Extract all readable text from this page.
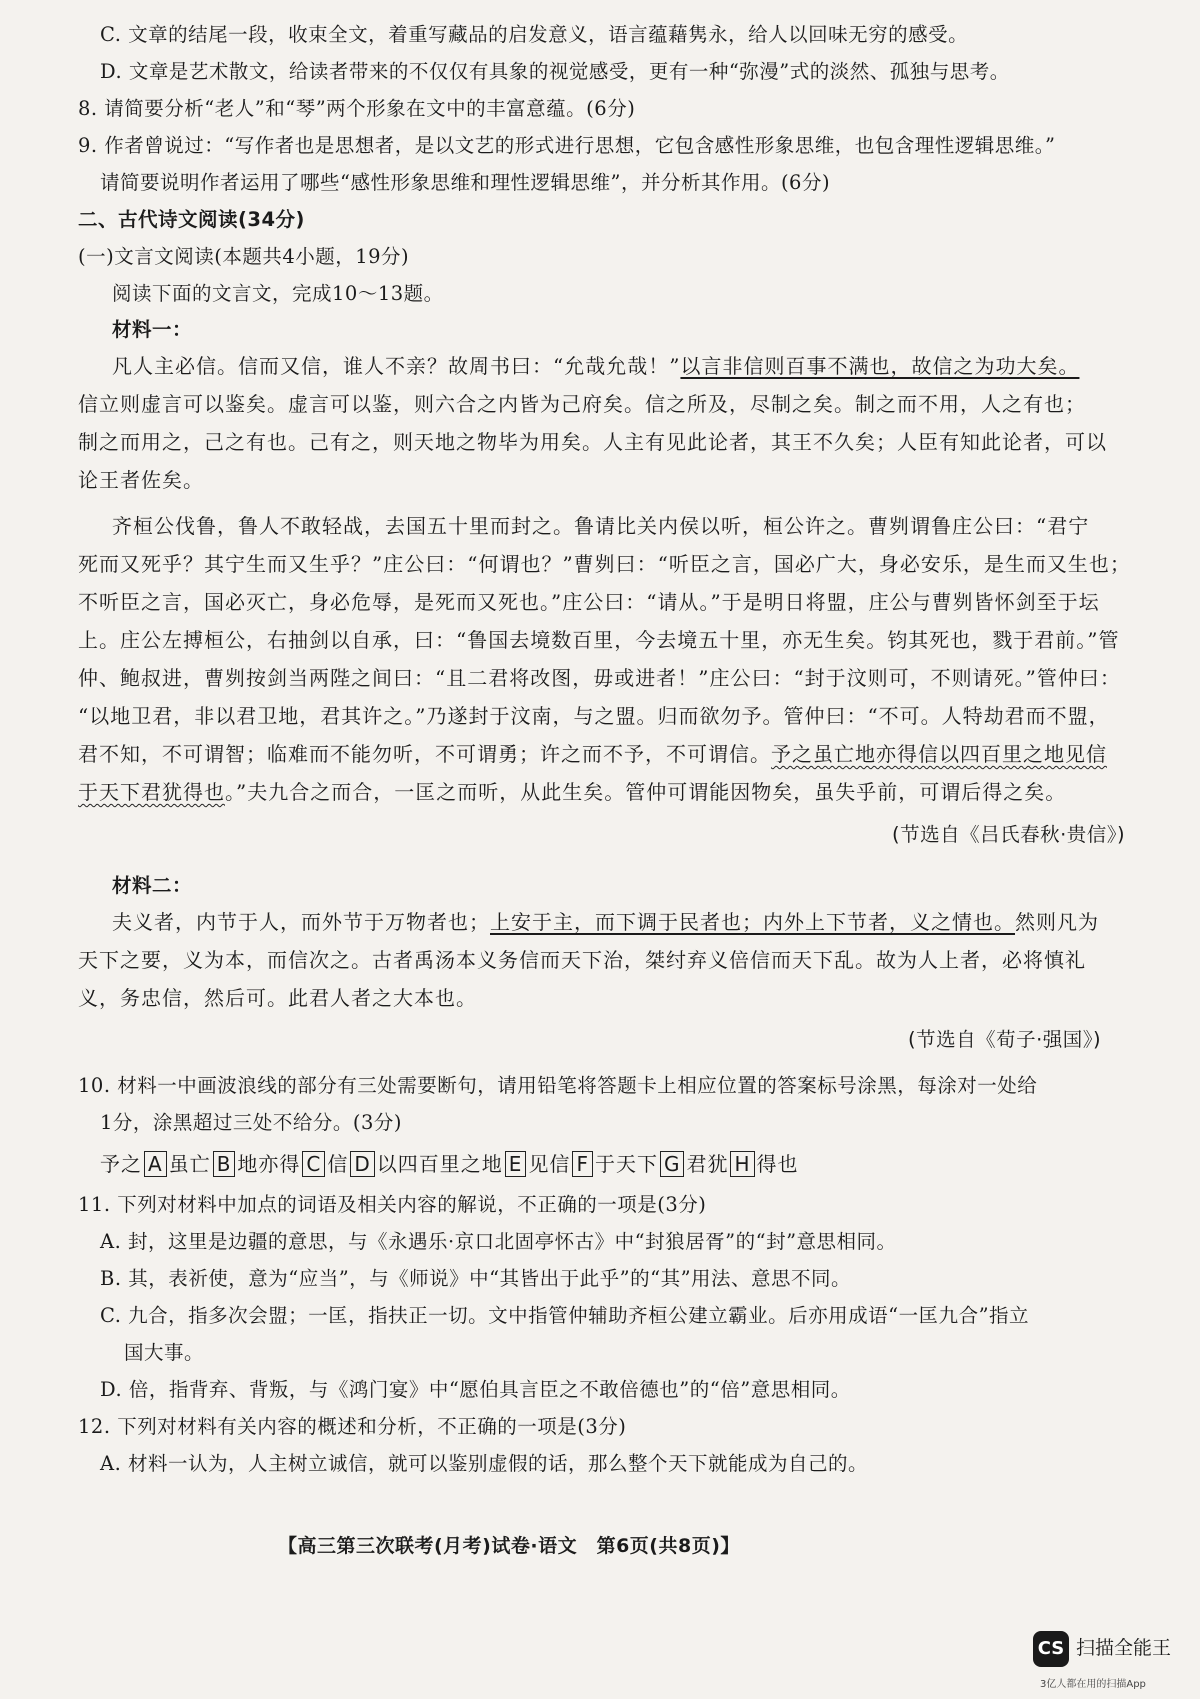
C. 文章的结尾一段，收束全文，着重写藏品的启发意义，语言蕴藉隽永，给人以回味无穷的感受。
D. 文章是艺术散文，给读者带来的不仅仅有具象的视觉感受，更有一种“弥漫”式的淡然、孤独与思考。
8. 请简要分析“老人”和“琴”两个形象在文中的丰富意蕴。(6分)
9. 作者曾说过：“写作者也是思想者，是以文艺的形式进行思想，它包含感性形象思维，也包含理性逻辑思维。”
请简要说明作者运用了哪些“感性形象思维和理性逻辑思维”，并分析其作用。(6分)
二、古代诗文阅读(34分)
(一)文言文阅读(本题共4小题，19分)
阅读下面的文言文，完成10～13题。
材料一：
凡人主必信。信而又信，谁人不亲？故周书曰：“允哉允哉！”以言非信则百事不满也，故信之为功大矣。
信立则虚言可以鉴矣。虚言可以鉴，则六合之内皆为己府矣。信之所及，尽制之矣。制之而不用，人之有也；
制之而用之，己之有也。己有之，则天地之物毕为用矣。人主有见此论者，其王不久矣；人臣有知此论者，可以
论王者佐矣。
齐桓公伐鲁，鲁人不敢轻战，去国五十里而封之。鲁请比关内侯以听，桓公许之。曹刿谓鲁庄公曰：“君宁
死而又死乎？其宁生而又生乎？”庄公曰：“何谓也？”曹刿曰：“听臣之言，国必广大，身必安乐，是生而又生也；
不听臣之言，国必灭亡，身必危辱，是死而又死也。”庄公曰：“请从。”于是明日将盟，庄公与曹刿皆怀剑至于坛
上。庄公左搏桓公，右抽剑以自承，曰：“鲁国去境数百里，今去境五十里，亦无生矣。钧其死也，戮于君前。”管
仲、鲍叔进，曹刿按剑当两陛之间曰：“且二君将改图，毋或进者！”庄公曰：“封于汶则可，不则请死。”管仲曰：
“以地卫君，非以君卫地，君其许之。”乃遂封于汶南，与之盟。归而欲勿予。管仲曰：“不可。人特劫君而不盟，
君不知，不可谓智；临难而不能勿听，不可谓勇；许之而不予，不可谓信。予之虽亡地亦得信以四百里之地见信
于天下君犹得也。”夫九合之而合，一匡之而听，从此生矣。管仲可谓能因物矣，虽失乎前，可谓后得之矣。
(节选自《吕氏春秋·贵信》)
材料二：
夫义者，内节于人，而外节于万物者也；上安于主，而下调于民者也；内外上下节者，义之情也。然则凡为
天下之要，义为本，而信次之。古者禹汤本义务信而天下治，桀纣弃义倍信而天下乱。故为人上者，必将慎礼
义，务忠信，然后可。此君人者之大本也。
(节选自《荀子·强国》)
10. 材料一中画波浪线的部分有三处需要断句，请用铅笔将答题卡上相应位置的答案标号涂黑，每涂对一处给
1分，涂黑超过三处不给分。(3分)
予之 A 虽亡 B 地亦得 C 信 D 以四百里之地 E 见信 F 于天下 G 君犹 H 得也
11. 下列对材料中加点的词语及相关内容的解说，不正确的一项是(3分)
A. 封，这里是边疆的意思，与《永遇乐·京口北固亭怀古》中“封狼居胥”的“封”意思相同。
B. 其，表祈使，意为“应当”，与《师说》中“其皆出于此乎”的“其”用法、意思不同。
C. 九合，指多次会盟；一匡，指扶正一切。文中指管仲辅助齐桓公建立霸业。后亦用成语“一匡九合”指立
国大事。
D. 倍，指背弃、背叛，与《鸿门宴》中“愿伯具言臣之不敢倍德也”的“倍”意思相同。
12. 下列对材料有关内容的概述和分析，不正确的一项是(3分)
A. 材料一认为，人主树立诚信，就可以鉴别虚假的话，那么整个天下就能成为自己的。
【高三第三次联考(月考)试卷·语文　第6页(共8页)】
CS 扫描全能王
3亿人都在用的扫描App
